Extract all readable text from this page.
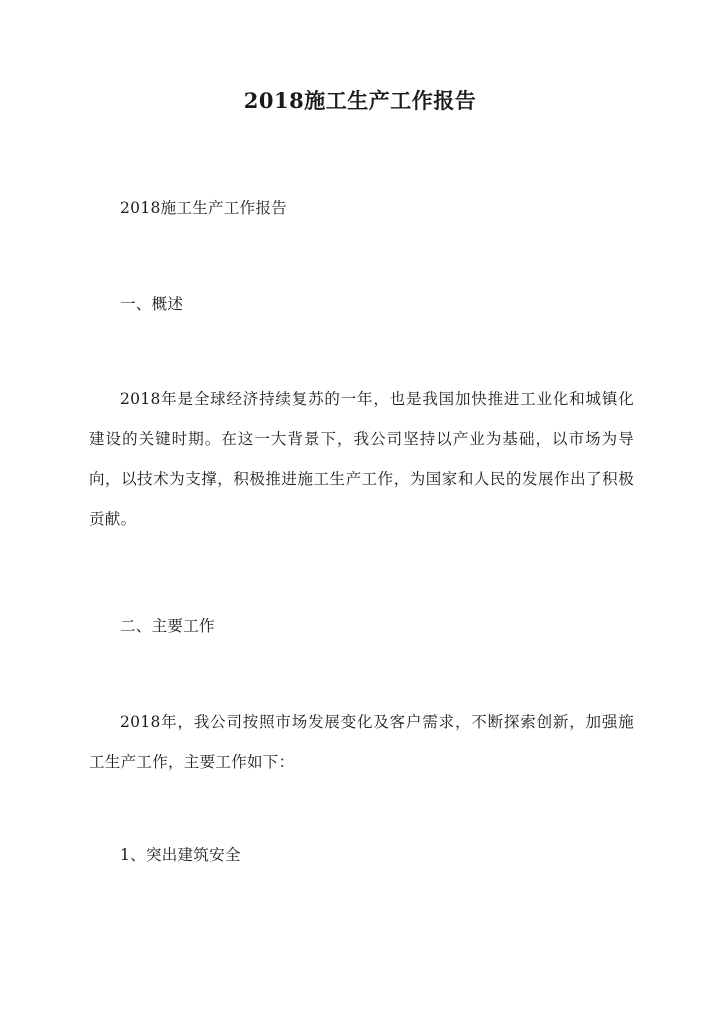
2018施工生产工作报告

2018施工生产工作报告

一、概述

2018年是全球经济持续复苏的一年，也是我国加快推进工业化和城镇化建设的关键时期。在这一大背景下，我公司坚持以产业为基础，以市场为导向，以技术为支撑，积极推进施工生产工作，为国家和人民的发展作出了积极贡献。

二、主要工作

2018年，我公司按照市场发展变化及客户需求，不断探索创新，加强施工生产工作，主要工作如下：

1、突出建筑安全
